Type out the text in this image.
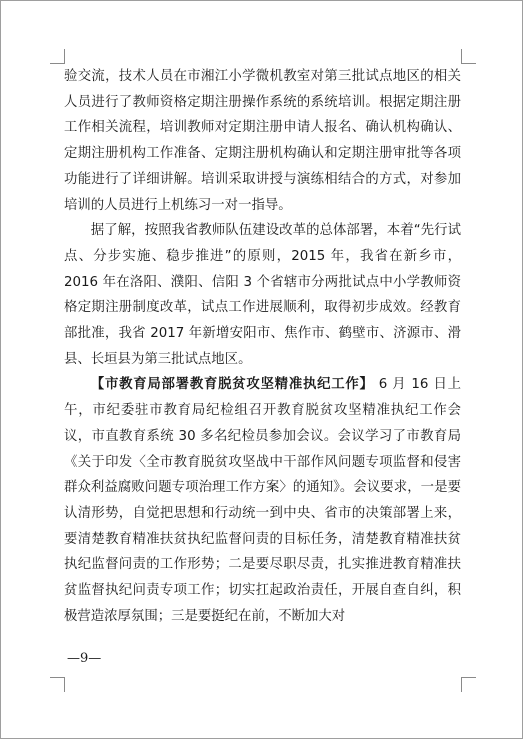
验交流，技术人员在市湘江小学微机教室对第三批试点地区的相关人员进行了教师资格定期注册操作系统的系统培训。根据定期注册工作相关流程，培训教师对定期注册申请人报名、确认机构确认、定期注册机构工作准备、定期注册机构确认和定期注册审批等各项功能进行了详细讲解。培训采取讲授与演练相结合的方式，对参加培训的人员进行上机练习一对一指导。

据了解，按照我省教师队伍建设改革的总体部署，本着“先行试点、分步实施、稳步推进”的原则，2015 年，我省在新乡市，2016 年在洛阳、濮阳、信阳 3 个省辖市分两批试点中小学教师资格定期注册制度改革，试点工作进展顺利，取得初步成效。经教育部批准，我省 2017 年新增安阳市、焦作市、鹤壁市、济源市、滑县、长垣县为第三批试点地区。

【市教育局部署教育脱贫攻坚精准执纪工作】 6 月 16 日上午，市纪委驻市教育局纪检组召开教育脱贫攻坚精准执纪工作会议，市直教育系统 30 多名纪检员参加会议。会议学习了市教育局《关于印发〈全市教育脱贫攻坚战中干部作风问题专项监督和侵害群众利益腐败问题专项治理工作方案〉的通知》。会议要求，一是要认清形势，自觉把思想和行动统一到中央、省市的决策部署上来，要清楚教育精准扶贫执纪监督问责的目标任务，清楚教育精准扶贫执纪监督问责的工作形势；二是要尽职尽责，扎实推进教育精准扶贫监督执纪问责专项工作；切实扛起政治责任，开展自查自纠，积极营造浓厚氛围；三是要挺纪在前，不断加大对

—9—
